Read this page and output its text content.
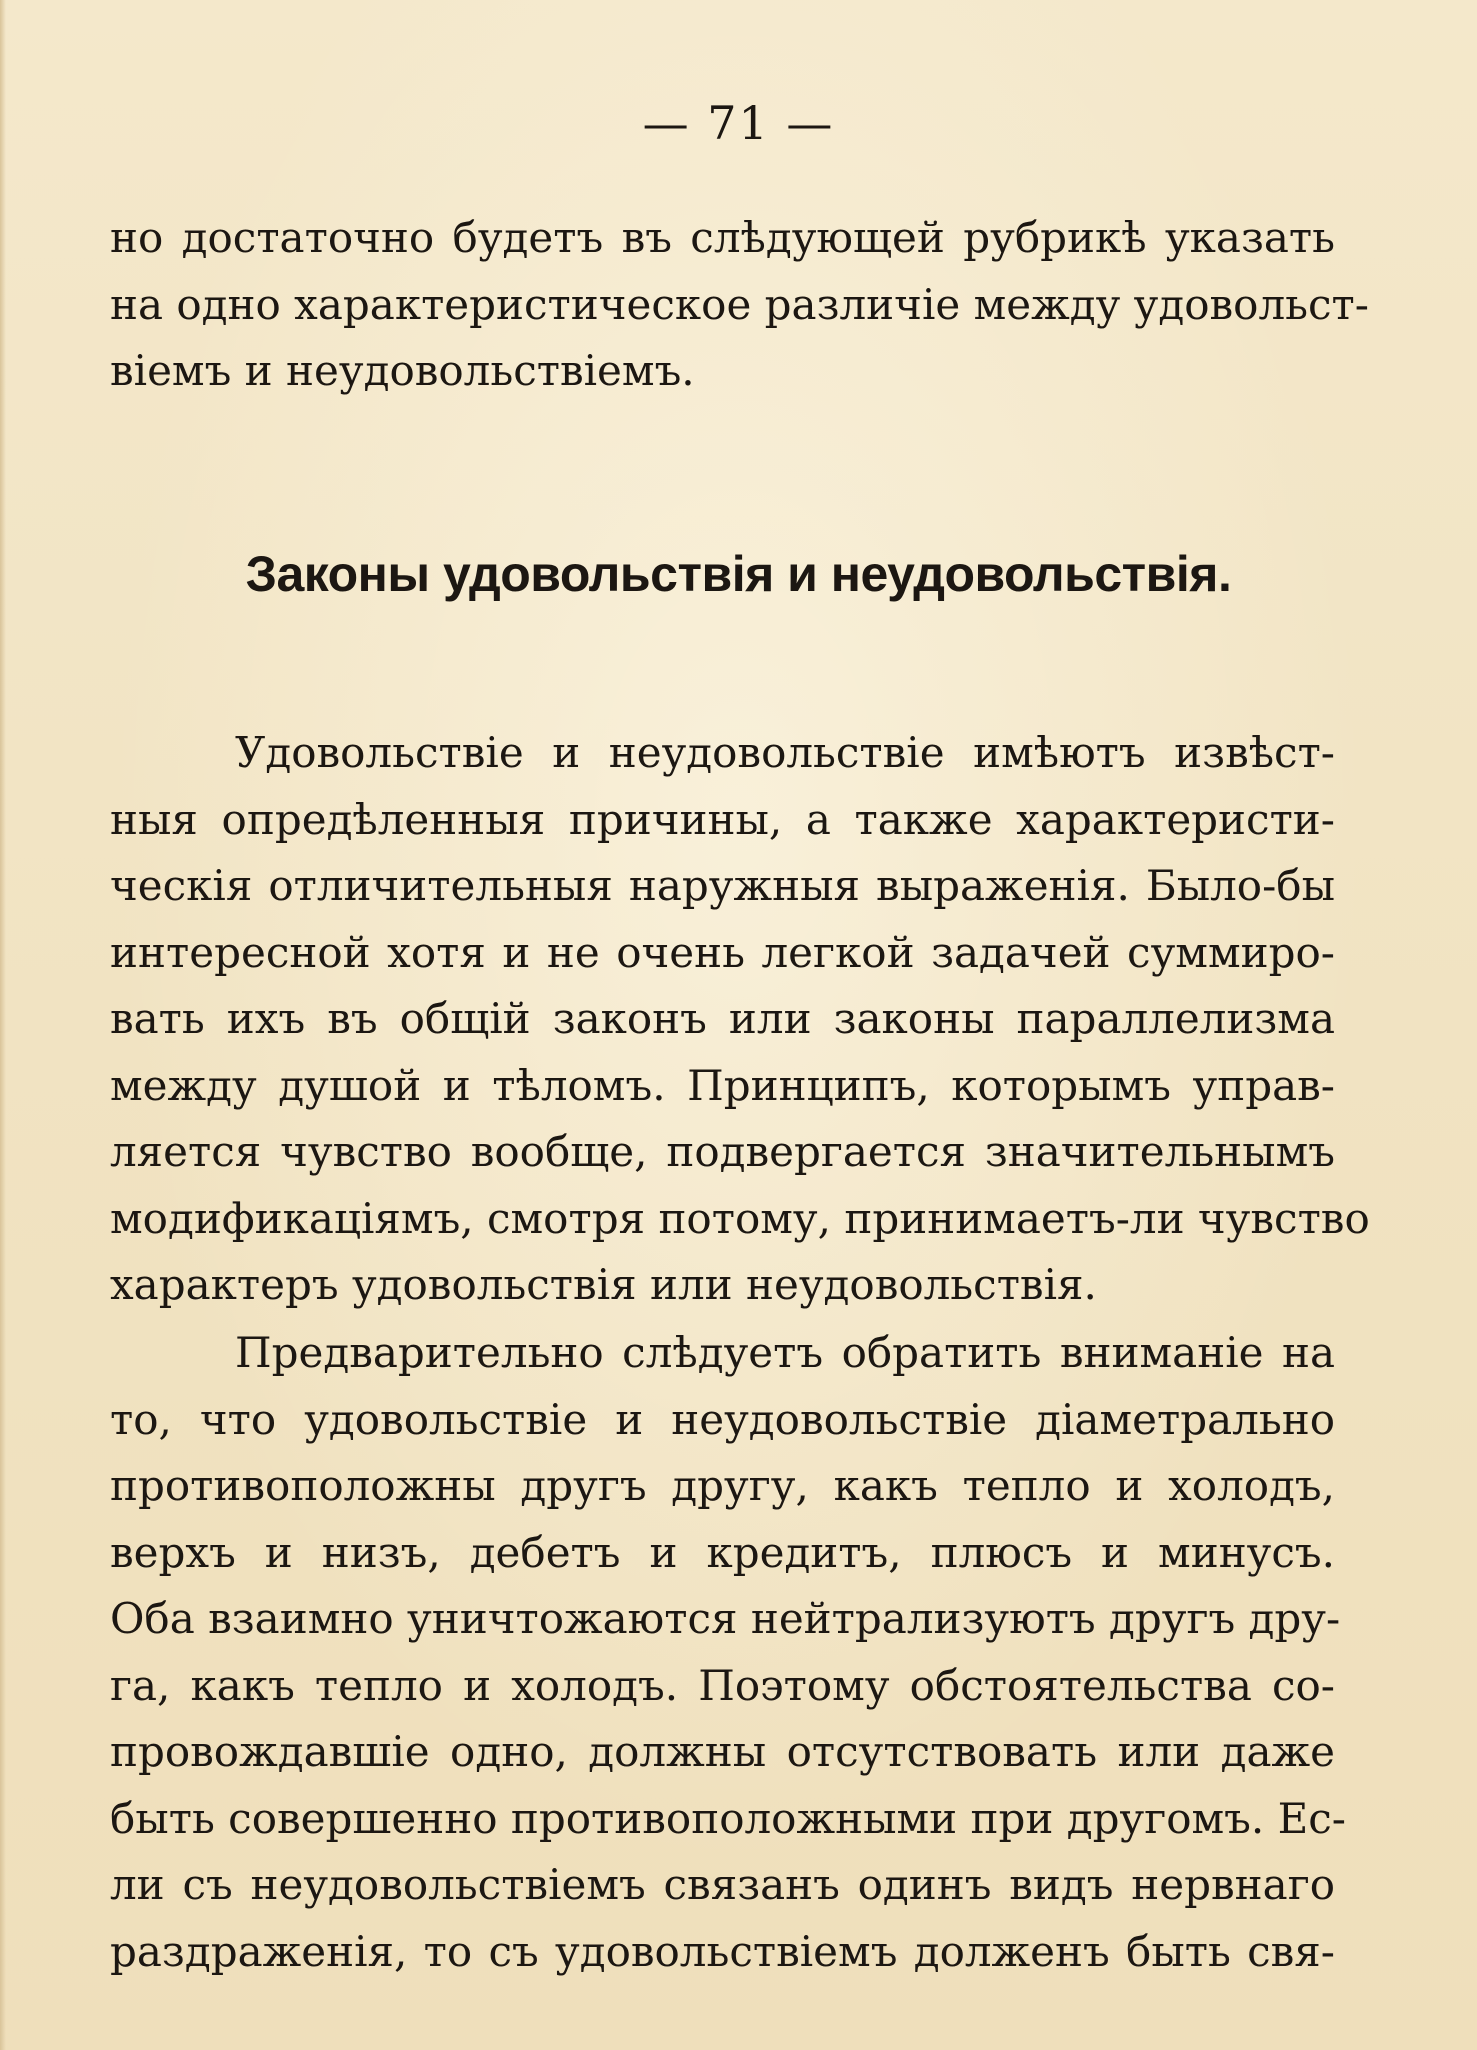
— 71 —
но достаточно будетъ въ слѣдующей рубрикѣ указать
на одно характеристическое различіе между удовольст-
віемъ и неудовольствіемъ.
Законы удовольствія и неудовольствія.
Удовольствіе и неудовольствіе имѣютъ извѣст-
ныя опредѣленныя причины, а также характеристи-
ческія отличительныя наружныя выраженія. Было-бы
интересной хотя и не очень легкой задачей суммиро-
вать ихъ въ общій законъ или законы параллелизма
между душой и тѣломъ. Принципъ, которымъ управ-
ляется чувство вообще, подвергается значительнымъ
модификаціямъ, смотря потому, принимаетъ-ли чувство
характеръ удовольствія или неудовольствія.
Предварительно слѣдуетъ обратить вниманіе на
то, что удовольствіе и неудовольствіе діаметрально
противоположны другъ другу, какъ тепло и холодъ,
верхъ и низъ, дебетъ и кредитъ, плюсъ и минусъ.
Оба взаимно уничтожаются нейтрализуютъ другъ дру-
га, какъ тепло и холодъ. Поэтому обстоятельства со-
провождавшіе одно, должны отсутствовать или даже
быть совершенно противоположными при другомъ. Ес-
ли съ неудовольствіемъ связанъ одинъ видъ нервнаго
раздраженія, то съ удовольствіемъ долженъ быть свя-
